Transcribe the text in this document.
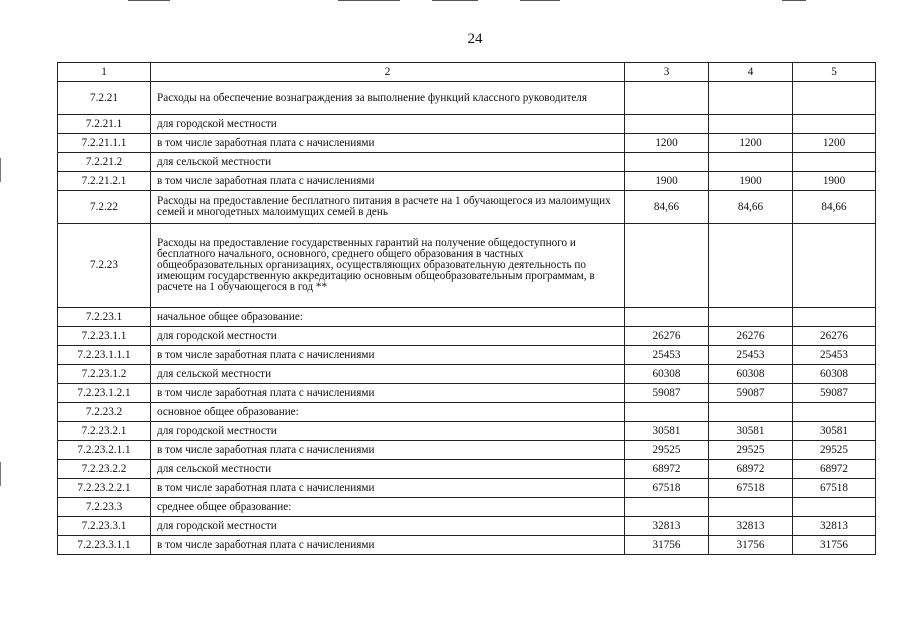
24
1	2	3	4	5
7.2.21	Расходы на обеспечение вознаграждения за выполнение функций классного руководителя			
7.2.21.1	для городской местности			
7.2.21.1.1	в том числе заработная плата с начислениями	1200	1200	1200
7.2.21.2	для сельской местности			
7.2.21.2.1	в том числе заработная плата с начислениями	1900	1900	1900
7.2.22	Расходы на предоставление бесплатного питания в расчете на 1 обучающегося из малоимущих семей и многодетных малоимущих семей в день	84,66	84,66	84,66
7.2.23	Расходы на предоставление государственных гарантий на получение общедоступного и бесплатного начального, основного, среднего общего образования в частных общеобразовательных организациях, осуществляющих образовательную деятельность по имеющим государственную аккредитацию основным общеобразовательным программам, в расчете на 1 обучающегося в год **			
7.2.23.1	начальное общее образование:			
7.2.23.1.1	для городской местности	26276	26276	26276
7.2.23.1.1.1	в том числе заработная плата с начислениями	25453	25453	25453
7.2.23.1.2	для сельской местности	60308	60308	60308
7.2.23.1.2.1	в том числе заработная плата с начислениями	59087	59087	59087
7.2.23.2	основное общее образование:			
7.2.23.2.1	для городской местности	30581	30581	30581
7.2.23.2.1.1	в том числе заработная плата с начислениями	29525	29525	29525
7.2.23.2.2	для сельской местности	68972	68972	68972
7.2.23.2.2.1	в том числе заработная плата с начислениями	67518	67518	67518
7.2.23.3	среднее общее образование:			
7.2.23.3.1	для городской местности	32813	32813	32813
7.2.23.3.1.1	в том числе заработная плата с начислениями	31756	31756	31756
